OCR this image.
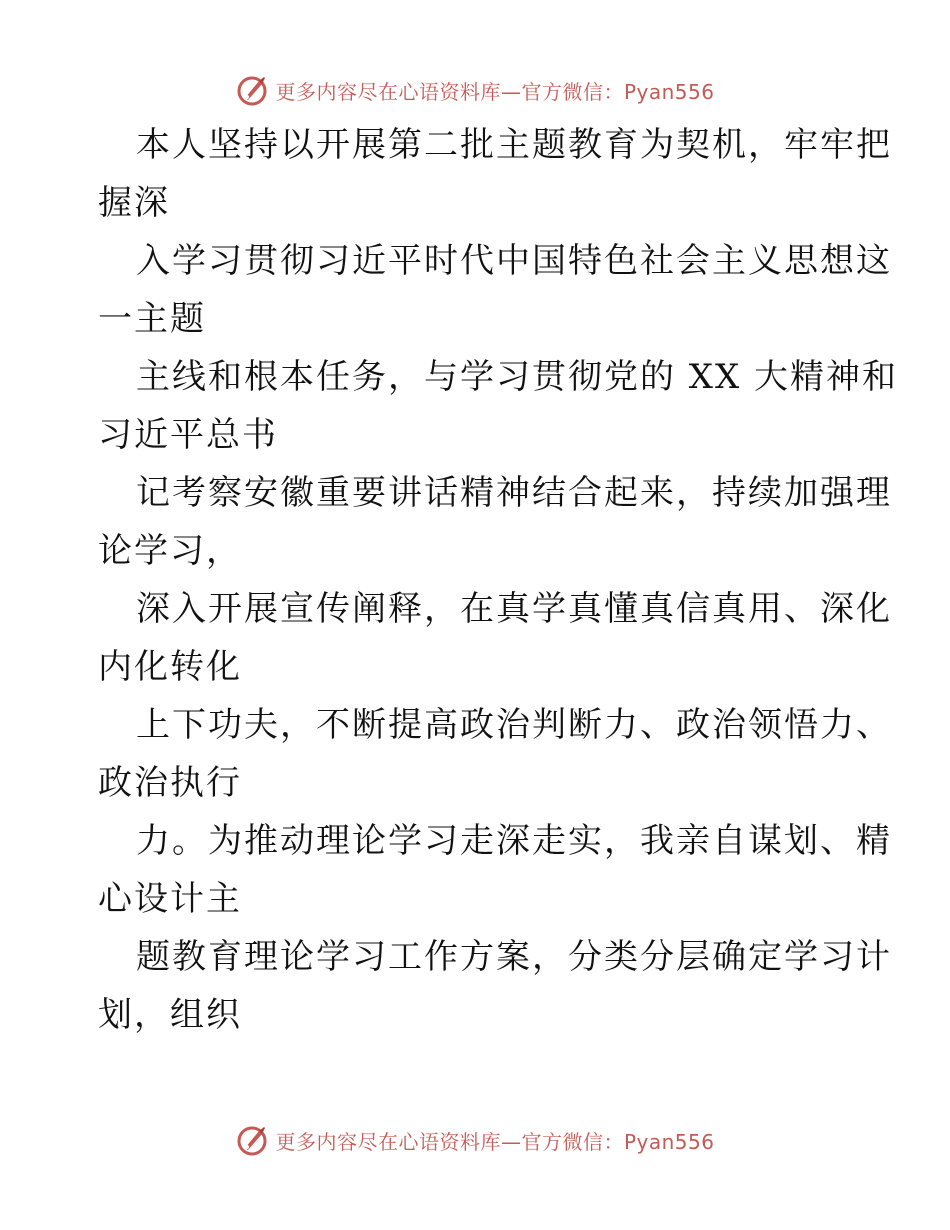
更多内容尽在心语资料库—官方微信：Pyan556
本人坚持以开展第二批主题教育为契机，牢牢把
握深
入学习贯彻习近平时代中国特色社会主义思想这
一主题
主线和根本任务，与学习贯彻党的 XX 大精神和
习近平总书
记考察安徽重要讲话精神结合起来，持续加强理
论学习，
深入开展宣传阐释，在真学真懂真信真用、深化
内化转化
上下功夫，不断提高政治判断力、政治领悟力、
政治执行
力。为推动理论学习走深走实，我亲自谋划、精
心设计主
题教育理论学习工作方案，分类分层确定学习计
划，组织
更多内容尽在心语资料库—官方微信：Pyan556
